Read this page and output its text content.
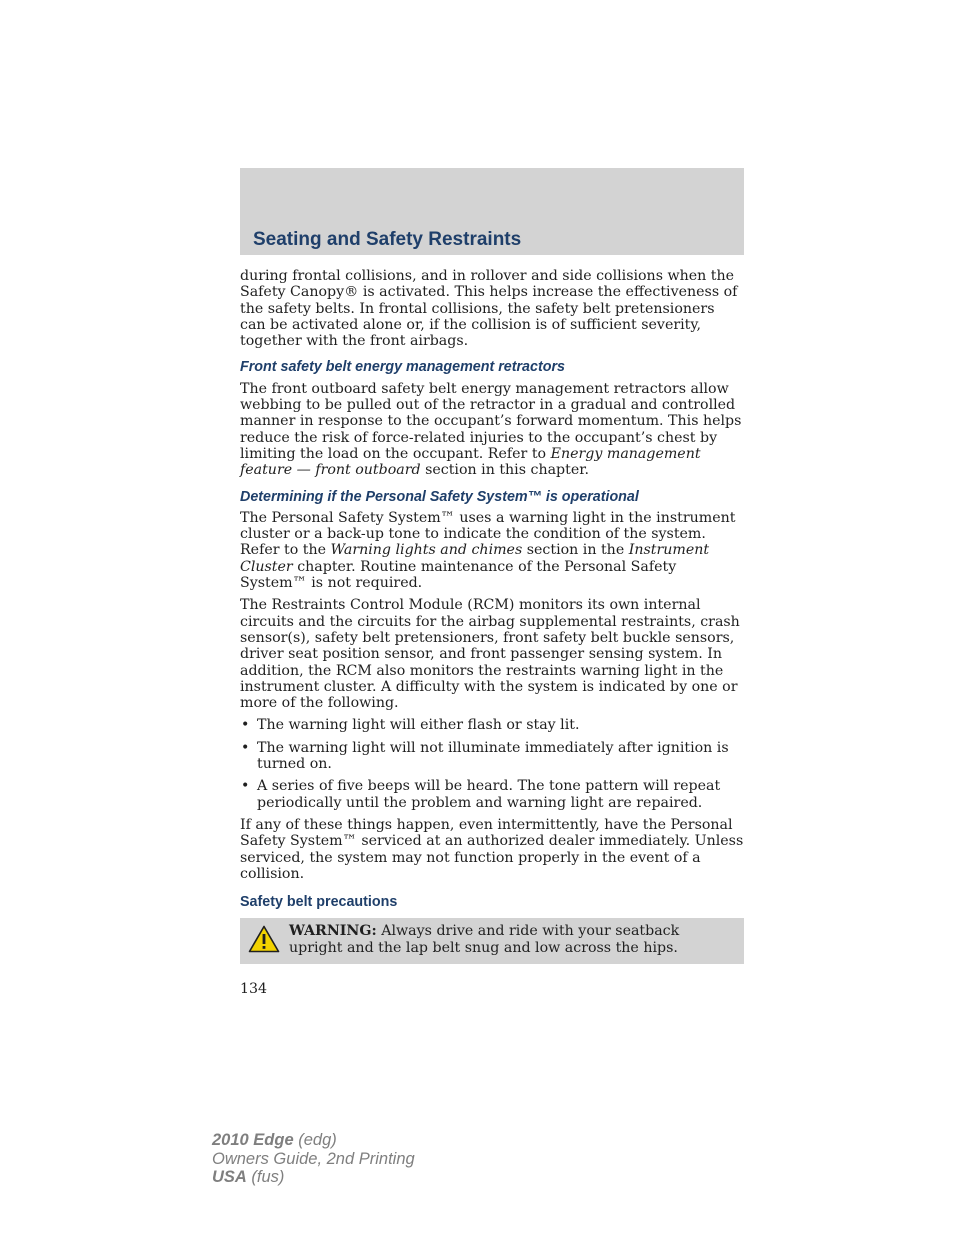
Seating and Safety Restraints

during frontal collisions, and in rollover and side collisions when the Safety Canopy® is activated. This helps increase the effectiveness of the safety belts. In frontal collisions, the safety belt pretensioners can be activated alone or, if the collision is of sufficient severity, together with the front airbags.

Front safety belt energy management retractors

The front outboard safety belt energy management retractors allow webbing to be pulled out of the retractor in a gradual and controlled manner in response to the occupant’s forward momentum. This helps reduce the risk of force-related injuries to the occupant’s chest by limiting the load on the occupant. Refer to Energy management feature — front outboard section in this chapter.

Determining if the Personal Safety System™ is operational

The Personal Safety System™ uses a warning light in the instrument cluster or a back-up tone to indicate the condition of the system. Refer to the Warning lights and chimes section in the Instrument Cluster chapter. Routine maintenance of the Personal Safety System™ is not required.

The Restraints Control Module (RCM) monitors its own internal circuits and the circuits for the airbag supplemental restraints, crash sensor(s), safety belt pretensioners, front safety belt buckle sensors, driver seat position sensor, and front passenger sensing system. In addition, the RCM also monitors the restraints warning light in the instrument cluster. A difficulty with the system is indicated by one or more of the following.

• The warning light will either flash or stay lit.
• The warning light will not illuminate immediately after ignition is turned on.
• A series of five beeps will be heard. The tone pattern will repeat periodically until the problem and warning light are repaired.

If any of these things happen, even intermittently, have the Personal Safety System™ serviced at an authorized dealer immediately. Unless serviced, the system may not function properly in the event of a collision.

Safety belt precautions
WARNING: Always drive and ride with your seatback upright and the lap belt snug and low across the hips.
134
2010 Edge (edg)
Owners Guide, 2nd Printing
USA (fus)
